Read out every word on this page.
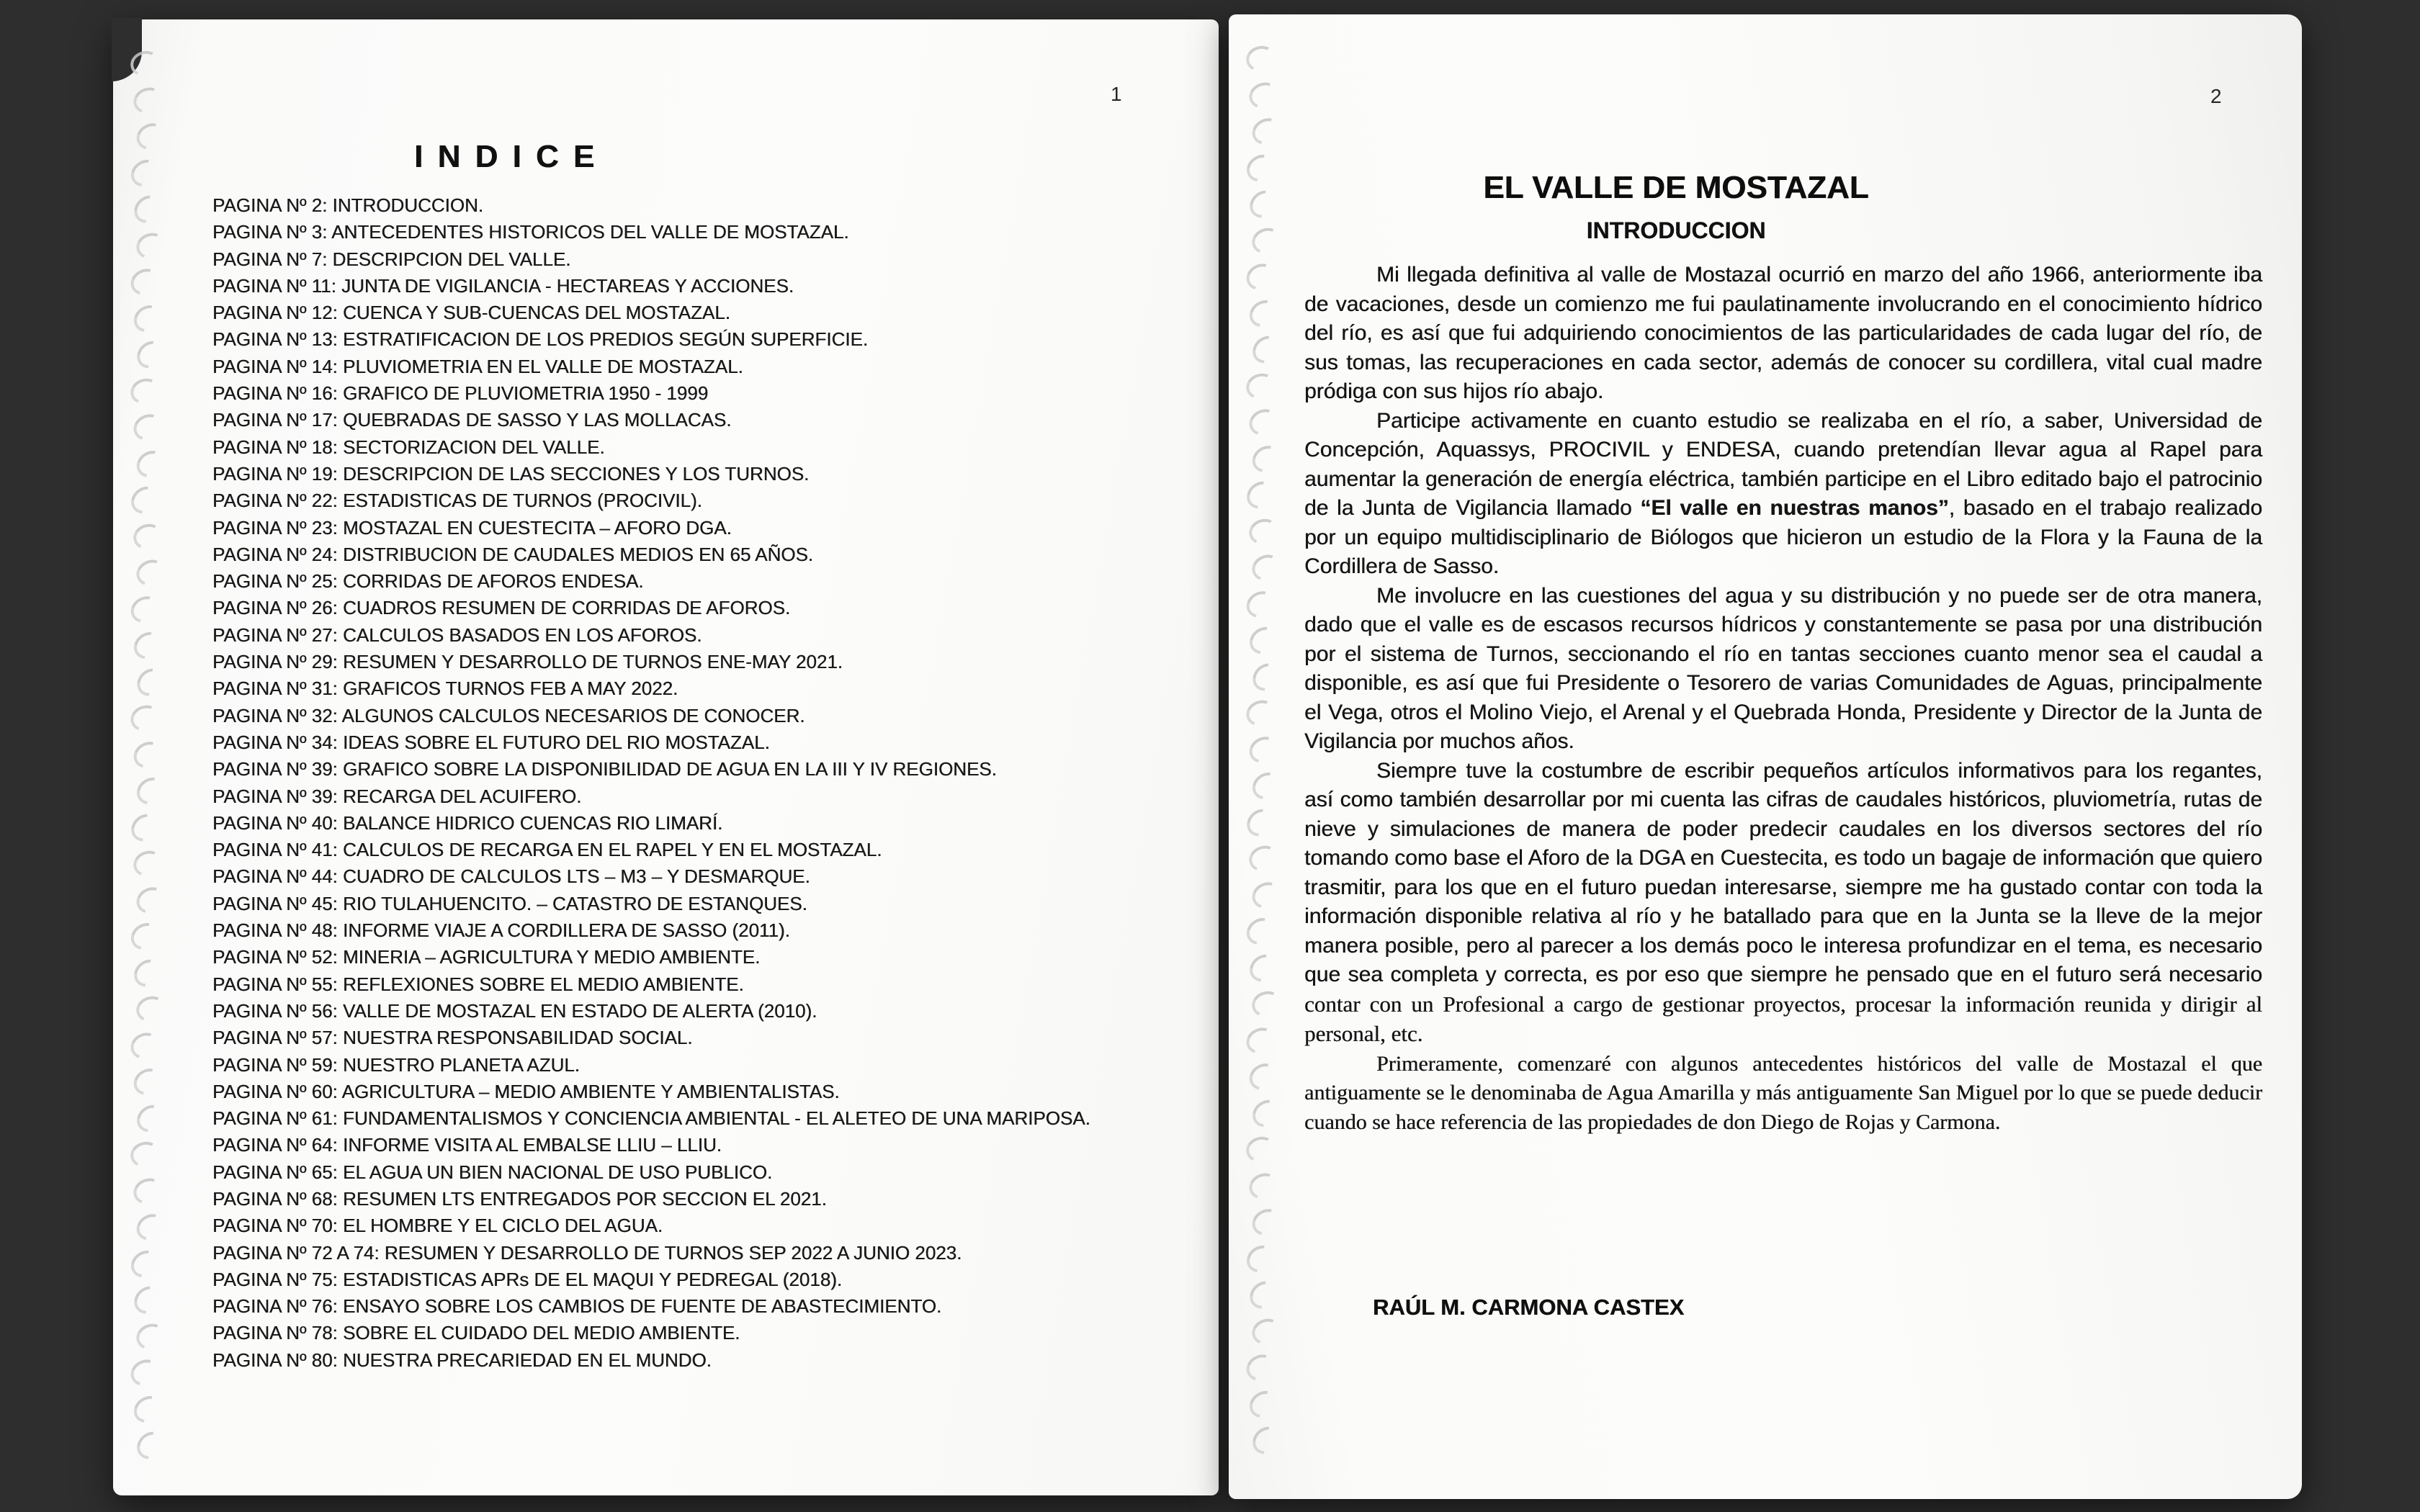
1
I N D I C E
PAGINA Nº 2: INTRODUCCION.
PAGINA Nº 3: ANTECEDENTES HISTORICOS DEL VALLE DE MOSTAZAL.
PAGINA Nº 7: DESCRIPCION DEL VALLE.
PAGINA Nº 11: JUNTA DE VIGILANCIA - HECTAREAS Y ACCIONES.
PAGINA Nº 12: CUENCA Y SUB-CUENCAS DEL MOSTAZAL.
PAGINA Nº 13: ESTRATIFICACION DE LOS PREDIOS SEGÚN SUPERFICIE.
PAGINA Nº 14: PLUVIOMETRIA EN EL VALLE DE MOSTAZAL.
PAGINA Nº 16: GRAFICO DE PLUVIOMETRIA 1950 - 1999
PAGINA Nº 17: QUEBRADAS DE SASSO Y LAS MOLLACAS.
PAGINA Nº 18: SECTORIZACION DEL VALLE.
PAGINA Nº 19: DESCRIPCION DE LAS SECCIONES Y LOS TURNOS.
PAGINA Nº 22: ESTADISTICAS DE TURNOS (PROCIVIL).
PAGINA Nº 23: MOSTAZAL EN CUESTECITA – AFORO DGA.
PAGINA Nº 24: DISTRIBUCION DE CAUDALES MEDIOS EN 65 AÑOS.
PAGINA Nº 25: CORRIDAS DE AFOROS ENDESA.
PAGINA Nº 26: CUADROS RESUMEN DE CORRIDAS DE AFOROS.
PAGINA Nº 27: CALCULOS BASADOS EN LOS AFOROS.
PAGINA Nº 29: RESUMEN Y DESARROLLO DE TURNOS ENE-MAY 2021.
PAGINA Nº 31: GRAFICOS TURNOS FEB A MAY 2022.
PAGINA Nº 32: ALGUNOS CALCULOS NECESARIOS DE CONOCER.
PAGINA Nº 34: IDEAS SOBRE EL FUTURO DEL RIO MOSTAZAL.
PAGINA Nº 39: GRAFICO SOBRE LA DISPONIBILIDAD DE AGUA EN LA III Y IV REGIONES.
PAGINA Nº 39: RECARGA DEL ACUIFERO.
PAGINA Nº 40: BALANCE HIDRICO CUENCAS RIO LIMARÍ.
PAGINA Nº 41: CALCULOS DE RECARGA EN EL RAPEL Y EN EL MOSTAZAL.
PAGINA Nº 44: CUADRO DE CALCULOS LTS – M3 – Y DESMARQUE.
PAGINA Nº 45: RIO TULAHUENCITO. – CATASTRO DE ESTANQUES.
PAGINA Nº 48: INFORME VIAJE A CORDILLERA DE SASSO (2011).
PAGINA Nº 52: MINERIA – AGRICULTURA Y MEDIO AMBIENTE.
PAGINA Nº 55: REFLEXIONES SOBRE EL MEDIO AMBIENTE.
PAGINA Nº 56: VALLE DE MOSTAZAL EN ESTADO DE ALERTA (2010).
PAGINA Nº 57: NUESTRA RESPONSABILIDAD SOCIAL.
PAGINA Nº 59: NUESTRO PLANETA AZUL.
PAGINA Nº 60: AGRICULTURA – MEDIO AMBIENTE Y AMBIENTALISTAS.
PAGINA Nº 61: FUNDAMENTALISMOS Y CONCIENCIA AMBIENTAL - EL ALETEO DE UNA MARIPOSA.
PAGINA Nº 64: INFORME VISITA AL EMBALSE LLIU – LLIU.
PAGINA Nº 65: EL AGUA UN BIEN NACIONAL DE USO PUBLICO.
PAGINA Nº 68: RESUMEN LTS ENTREGADOS POR SECCION EL 2021.
PAGINA Nº 70: EL HOMBRE Y EL CICLO DEL AGUA.
PAGINA Nº 72 A 74: RESUMEN Y DESARROLLO DE TURNOS SEP 2022 A JUNIO 2023.
PAGINA Nº 75: ESTADISTICAS APRs DE EL MAQUI Y PEDREGAL (2018).
PAGINA Nº 76: ENSAYO SOBRE LOS CAMBIOS DE FUENTE DE ABASTECIMIENTO.
PAGINA Nº 78: SOBRE EL CUIDADO DEL MEDIO AMBIENTE.
PAGINA Nº 80: NUESTRA PRECARIEDAD EN EL MUNDO.
2
EL VALLE DE MOSTAZAL
INTRODUCCION

Mi llegada definitiva al valle de Mostazal ocurrió en marzo del año 1966, anteriormente iba de vacaciones, desde un comienzo me fui paulatinamente involucrando en el conocimiento hídrico del río, es así que fui adquiriendo conocimientos de las particularidades de cada lugar del río, de sus tomas, las recuperaciones en cada sector, además de conocer su cordillera, vital cual madre pródiga con sus hijos río abajo.

Participe activamente en cuanto estudio se realizaba en el río, a saber, Universidad de Concepción, Aquassys, PROCIVIL y ENDESA, cuando pretendían llevar agua al Rapel para aumentar la generación de energía eléctrica, también participe en el Libro editado bajo el patrocinio de la Junta de Vigilancia llamado “El valle en nuestras manos”, basado en el trabajo realizado por un equipo multidisciplinario de Biólogos que hicieron un estudio de la Flora y la Fauna de la Cordillera de Sasso.

Me involucre en las cuestiones del agua y su distribución y no puede ser de otra manera, dado que el valle es de escasos recursos hídricos y constantemente se pasa por una distribución por el sistema de Turnos, seccionando el río en tantas secciones cuanto menor sea el caudal a disponible, es así que fui Presidente o Tesorero de varias Comunidades de Aguas, principalmente el Vega, otros el Molino Viejo, el Arenal y el Quebrada Honda, Presidente y Director de la Junta de Vigilancia por muchos años.

Siempre tuve la costumbre de escribir pequeños artículos informativos para los regantes, así como también desarrollar por mi cuenta las cifras de caudales históricos, pluviometría, rutas de nieve y simulaciones de manera de poder predecir caudales en los diversos sectores del río tomando como base el Aforo de la DGA en Cuestecita, es todo un bagaje de información que quiero trasmitir, para los que en el futuro puedan interesarse, siempre me ha gustado contar con toda la información disponible relativa al río y he batallado para que en la Junta se la lleve de la mejor manera posible, pero al parecer a los demás poco le interesa profundizar en el tema, es necesario que sea completa y correcta, es por eso que siempre he pensado que en el futuro será necesario contar con un Profesional a cargo de gestionar proyectos, procesar la información reunida y dirigir al personal, etc.

Primeramente, comenzaré con algunos antecedentes históricos del valle de Mostazal el que antiguamente se le denominaba de Agua Amarilla y más antiguamente San Miguel por lo que se puede deducir cuando se hace referencia de las propiedades de don Diego de Rojas y Carmona.

RAÚL M. CARMONA CASTEX
